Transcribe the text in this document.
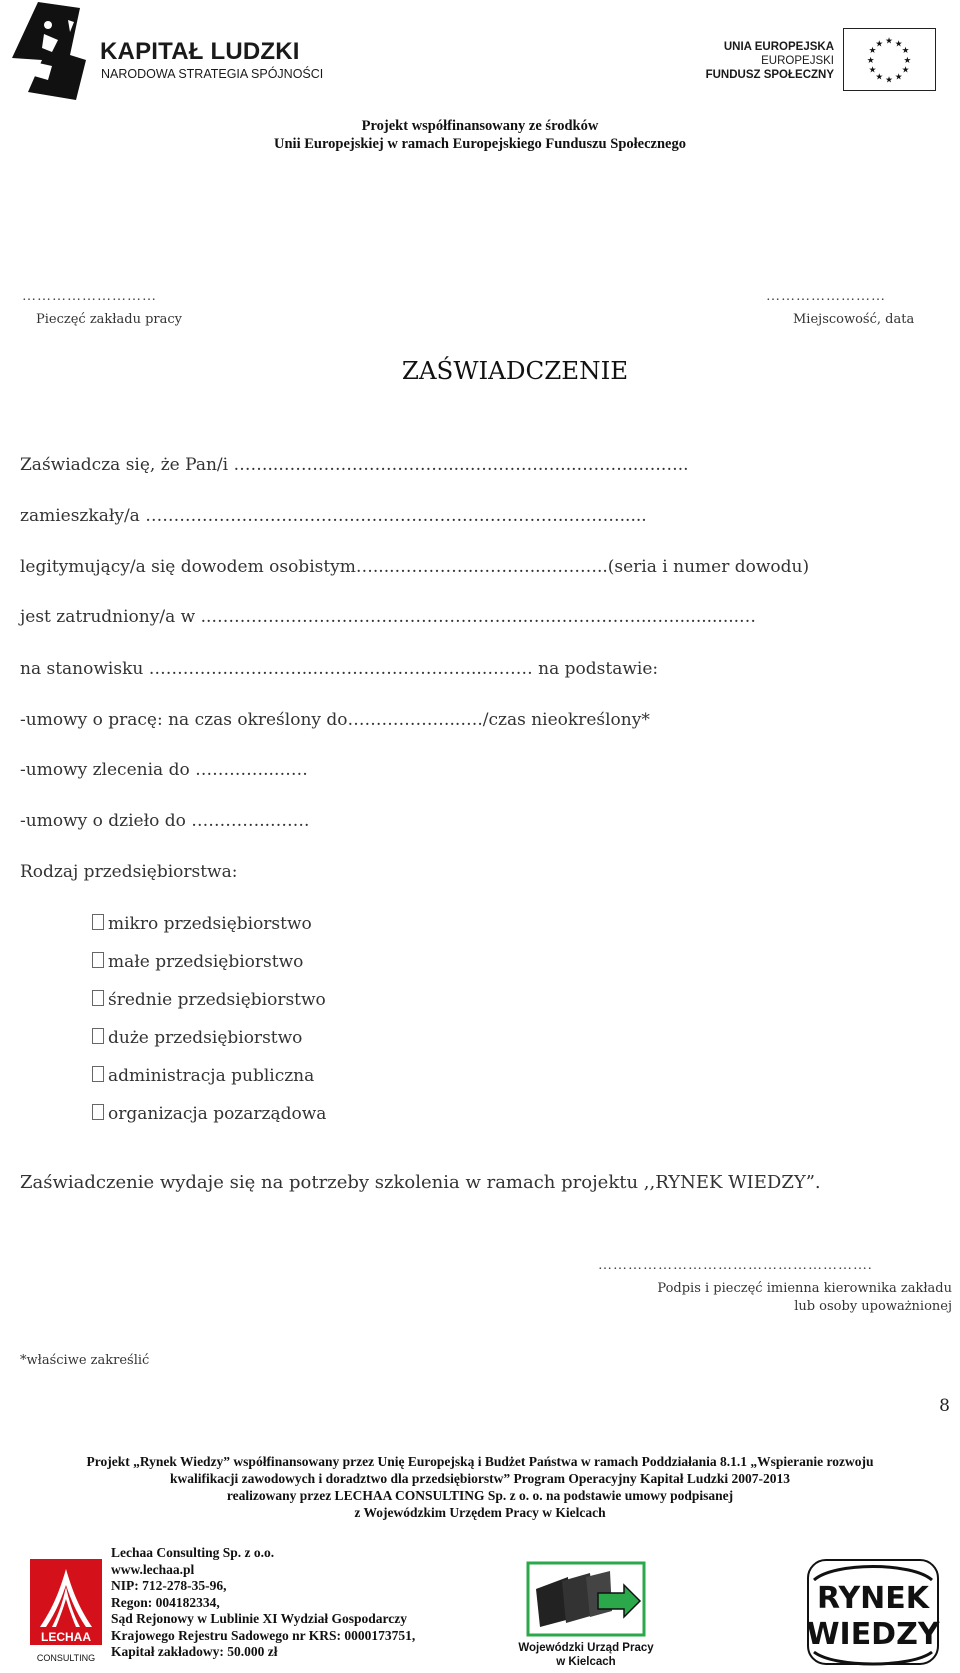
KAPITAŁ LUDZKI
NARODOWA STRATEGIA SPÓJNOŚCI
UNIA EUROPEJSKA
EUROPEJSKI
FUNDUSZ SPOŁECZNY
★ ★
★
★
★
★
★
★
★
★
★
★
Projekt współfinansowany ze środków
Unii Europejskiej w ramach Europejskiego Funduszu Społecznego
………………………
Pieczęć zakładu pracy
……………………
Miejscowość, data
ZAŚWIADCZENIE
Zaświadcza się, że Pan/i ……..…………………………....…………..…..………..….…..
zamieszkały/a ……………………………….……………….…..…………..……….....
legitymujący/a się dowodem osobistym…....…………...………...………..(seria i numer dowodu)
jest zatrudniony/a w ..………………………………………………..…..……………..….............…
na stanowisku ………………………..………………………...……… na podstawie:
-umowy o pracę: na czas określony do………………..…./czas nieokreślony*
-umowy zlecenia do …………..……
-umowy o dzieło do …………..…….
Rodzaj przedsiębiorstwa:
mikro przedsiębiorstwo
małe przedsiębiorstwo
średnie przedsiębiorstwo
duże przedsiębiorstwo
administracja publiczna
organizacja pozarządowa
Zaświadczenie wydaje się na potrzeby szkolenia w ramach projektu ,,RYNEK WIEDZY”.
……………………………………………….
Podpis i pieczęć imienna kierownika zakładu
lub osoby upoważnionej
*właściwe zakreślić
8
Projekt „Rynek Wiedzy” współfinansowany przez Unię Europejską i Budżet Państwa w ramach Poddziałania 8.1.1 „Wspieranie rozwoju
kwalifikacji zawodowych i doradztwo dla przedsiębiorstw” Program Operacyjny Kapitał Ludzki 2007-2013
realizowany przez LECHAA CONSULTING Sp. z o. o. na podstawie umowy podpisanej
z Wojewódzkim Urzędem Pracy w Kielcach
LECHAA
CONSULTING
Lechaa Consulting Sp. z o.o.
www.lechaa.pl
NIP: 712-278-35-96,
Regon: 004182334,
Sąd Rejonowy w Lublinie XI Wydział Gospodarczy
Krajowego Rejestru Sadowego nr KRS: 0000173751,
Kapitał zakładowy: 50.000 zł	Wojewódzki Urząd Pracy
w Kielcach
RYNEK
WIEDZY
